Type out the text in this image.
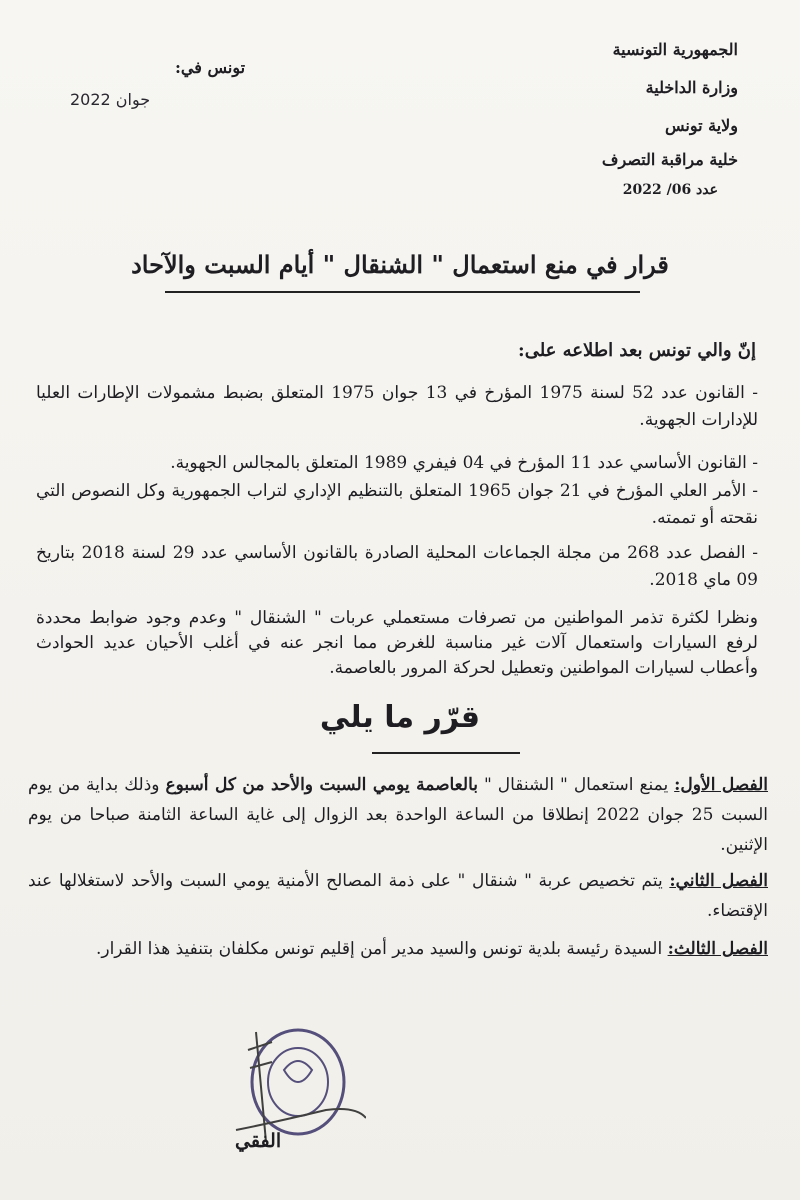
الجمهورية التونسية
وزارة الداخلية
ولاية تونس
خلية مراقبة التصرف
عدد 06/ 2022
تونس في:
جوان 2022
قرار في منع استعمال " الشنقال " أيام السبت والآحاد
إنّ والي تونس بعد اطلاعه على:
- القانون عدد 52 لسنة 1975 المؤرخ في 13 جوان 1975 المتعلق بضبط مشمولات الإطارات العليا للإدارات الجهوية.
- القانون الأساسي عدد 11 المؤرخ في 04 فيفري 1989 المتعلق بالمجالس الجهوية.
- الأمر العلي المؤرخ في 21 جوان 1965 المتعلق بالتنظيم الإداري لتراب الجمهورية وكل النصوص التي نقحته أو تممته.
- الفصل عدد 268 من مجلة الجماعات المحلية الصادرة بالقانون الأساسي عدد 29 لسنة 2018 بتاريخ 09 ماي 2018.
ونظرا لكثرة تذمر المواطنين من تصرفات مستعملي عربات " الشنقال " وعدم وجود ضوابط محددة لرفع السيارات واستعمال آلات غير مناسبة للغرض مما انجر عنه في أغلب الأحيان عديد الحوادث وأعطاب لسيارات المواطنين وتعطيل لحركة المرور بالعاصمة.
قرّر ما يلي
الفصل الأول: يمنع استعمال " الشنقال " بالعاصمة يومي السبت والأحد من كل أسبوع وذلك بداية من يوم السبت 25 جوان 2022 إنطلاقا من الساعة الواحدة بعد الزوال إلى غاية الساعة الثامنة صباحا من يوم الإثنين.
الفصل الثاني: يتم تخصيص عربة " شنقال " على ذمة المصالح الأمنية يومي السبت والأحد لاستغلالها عند الإقتضاء.
الفصل الثالث: السيدة رئيسة بلدية تونس والسيد مدير أمن إقليم تونس مكلفان بتنفيذ هذا القرار.
الفقي
